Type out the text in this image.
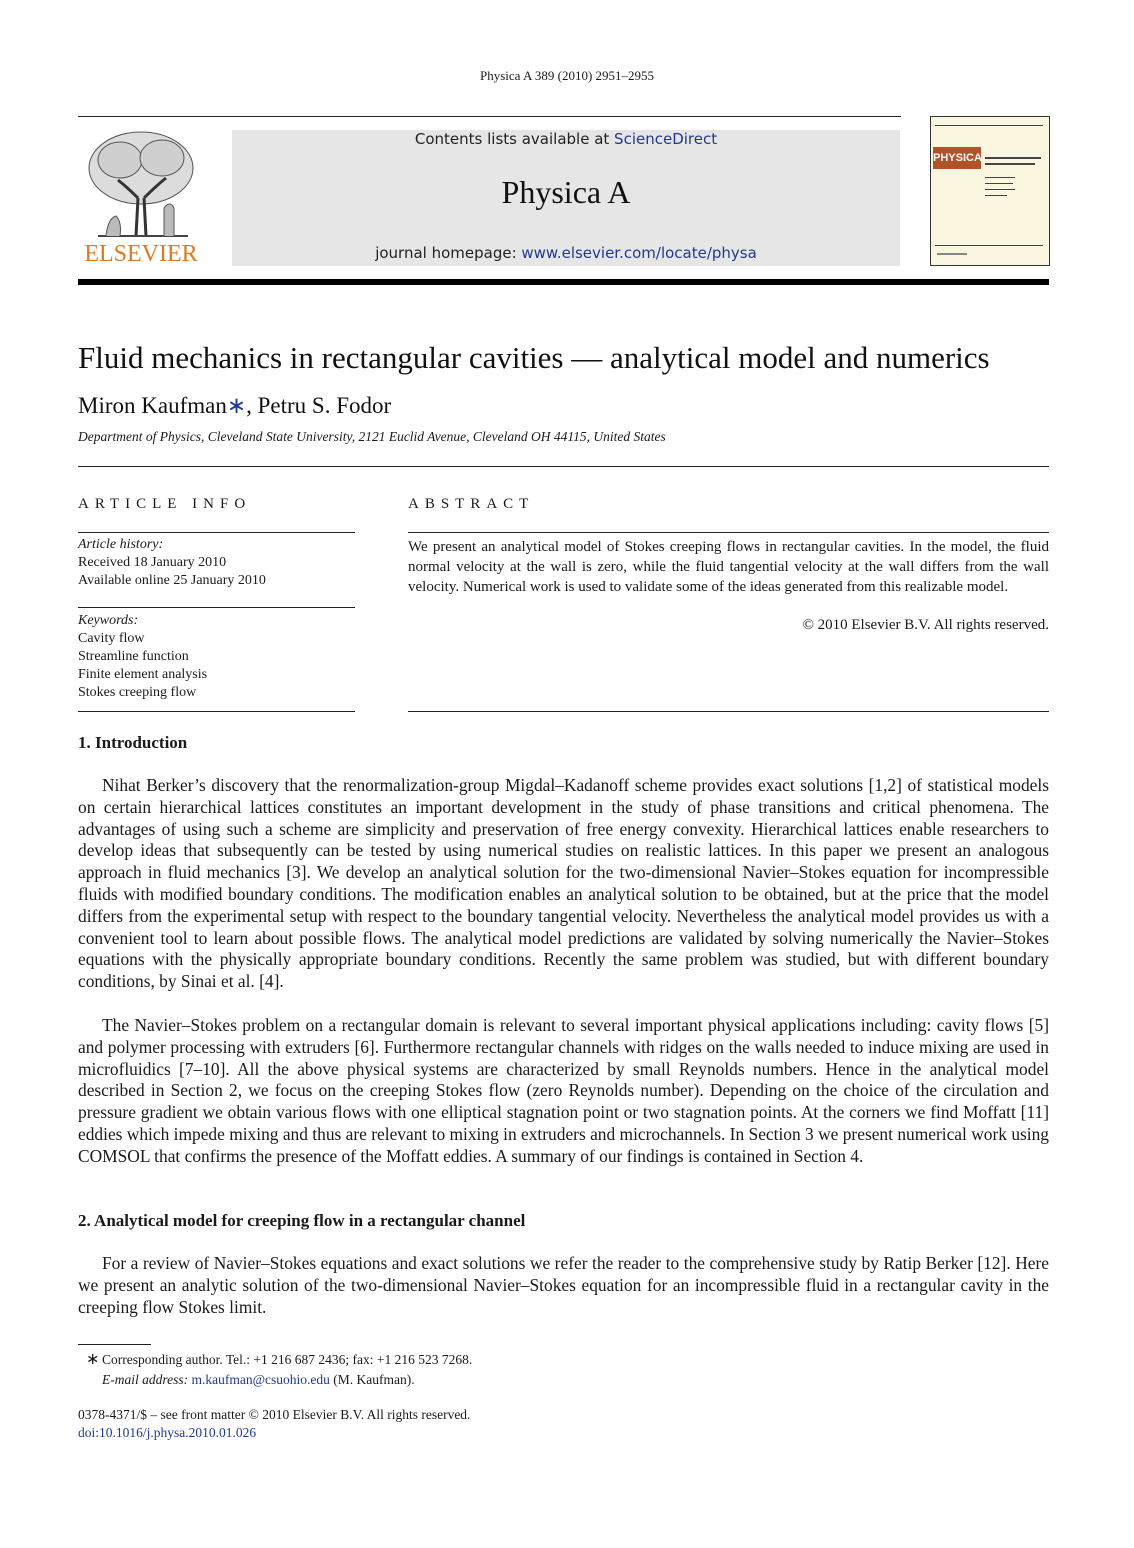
Physica A 389 (2010) 2951–2955
ELSEVIER
Contents lists available at ScienceDirect
Physica A
journal homepage: www.elsevier.com/locate/physa
PHYSICA
Fluid mechanics in rectangular cavities — analytical model and numerics
Miron Kaufman∗, Petru S. Fodor
Department of Physics, Cleveland State University, 2121 Euclid Avenue, Cleveland OH 44115, United States
ARTICLE INFO	ABSTRACT
Article history:
Received 18 January 2010
Available online 25 January 2010
Keywords:
Cavity flow
Streamline function
Finite element analysis
Stokes creeping flow
We present an analytical model of Stokes creeping flows in rectangular cavities. In the model, the fluid normal velocity at the wall is zero, while the fluid tangential velocity at the wall differs from the wall velocity. Numerical work is used to validate some of the ideas generated from this realizable model.
© 2010 Elsevier B.V. All rights reserved.
1. Introduction
Nihat Berker’s discovery that the renormalization-group Migdal–Kadanoff scheme provides exact solutions [1,2] of statistical models on certain hierarchical lattices constitutes an important development in the study of phase transitions and critical phenomena. The advantages of using such a scheme are simplicity and preservation of free energy convexity. Hierarchical lattices enable researchers to develop ideas that subsequently can be tested by using numerical studies on realistic lattices. In this paper we present an analogous approach in fluid mechanics [3]. We develop an analytical solution for the two-dimensional Navier–Stokes equation for incompressible fluids with modified boundary conditions. The modification enables an analytical solution to be obtained, but at the price that the model differs from the experimental setup with respect to the boundary tangential velocity. Nevertheless the analytical model provides us with a convenient tool to learn about possible flows. The analytical model predictions are validated by solving numerically the Navier–Stokes equations with the physically appropriate boundary conditions. Recently the same problem was studied, but with different boundary conditions, by Sinai et al. [4].
The Navier–Stokes problem on a rectangular domain is relevant to several important physical applications including: cavity flows [5] and polymer processing with extruders [6]. Furthermore rectangular channels with ridges on the walls needed to induce mixing are used in microfluidics [7–10]. All the above physical systems are characterized by small Reynolds numbers. Hence in the analytical model described in Section 2, we focus on the creeping Stokes flow (zero Reynolds number). Depending on the choice of the circulation and pressure gradient we obtain various flows with one elliptical stagnation point or two stagnation points. At the corners we find Moffatt [11] eddies which impede mixing and thus are relevant to mixing in extruders and microchannels. In Section 3 we present numerical work using COMSOL that confirms the presence of the Moffatt eddies. A summary of our findings is contained in Section 4.
2. Analytical model for creeping flow in a rectangular channel
For a review of Navier–Stokes equations and exact solutions we refer the reader to the comprehensive study by Ratip Berker [12]. Here we present an analytic solution of the two-dimensional Navier–Stokes equation for an incompressible fluid in a rectangular cavity in the creeping flow Stokes limit.
∗ Corresponding author. Tel.: +1 216 687 2436; fax: +1 216 523 7268.
E-mail address: m.kaufman@csuohio.edu (M. Kaufman).
0378-4371/$ – see front matter © 2010 Elsevier B.V. All rights reserved.
doi:10.1016/j.physa.2010.01.026
